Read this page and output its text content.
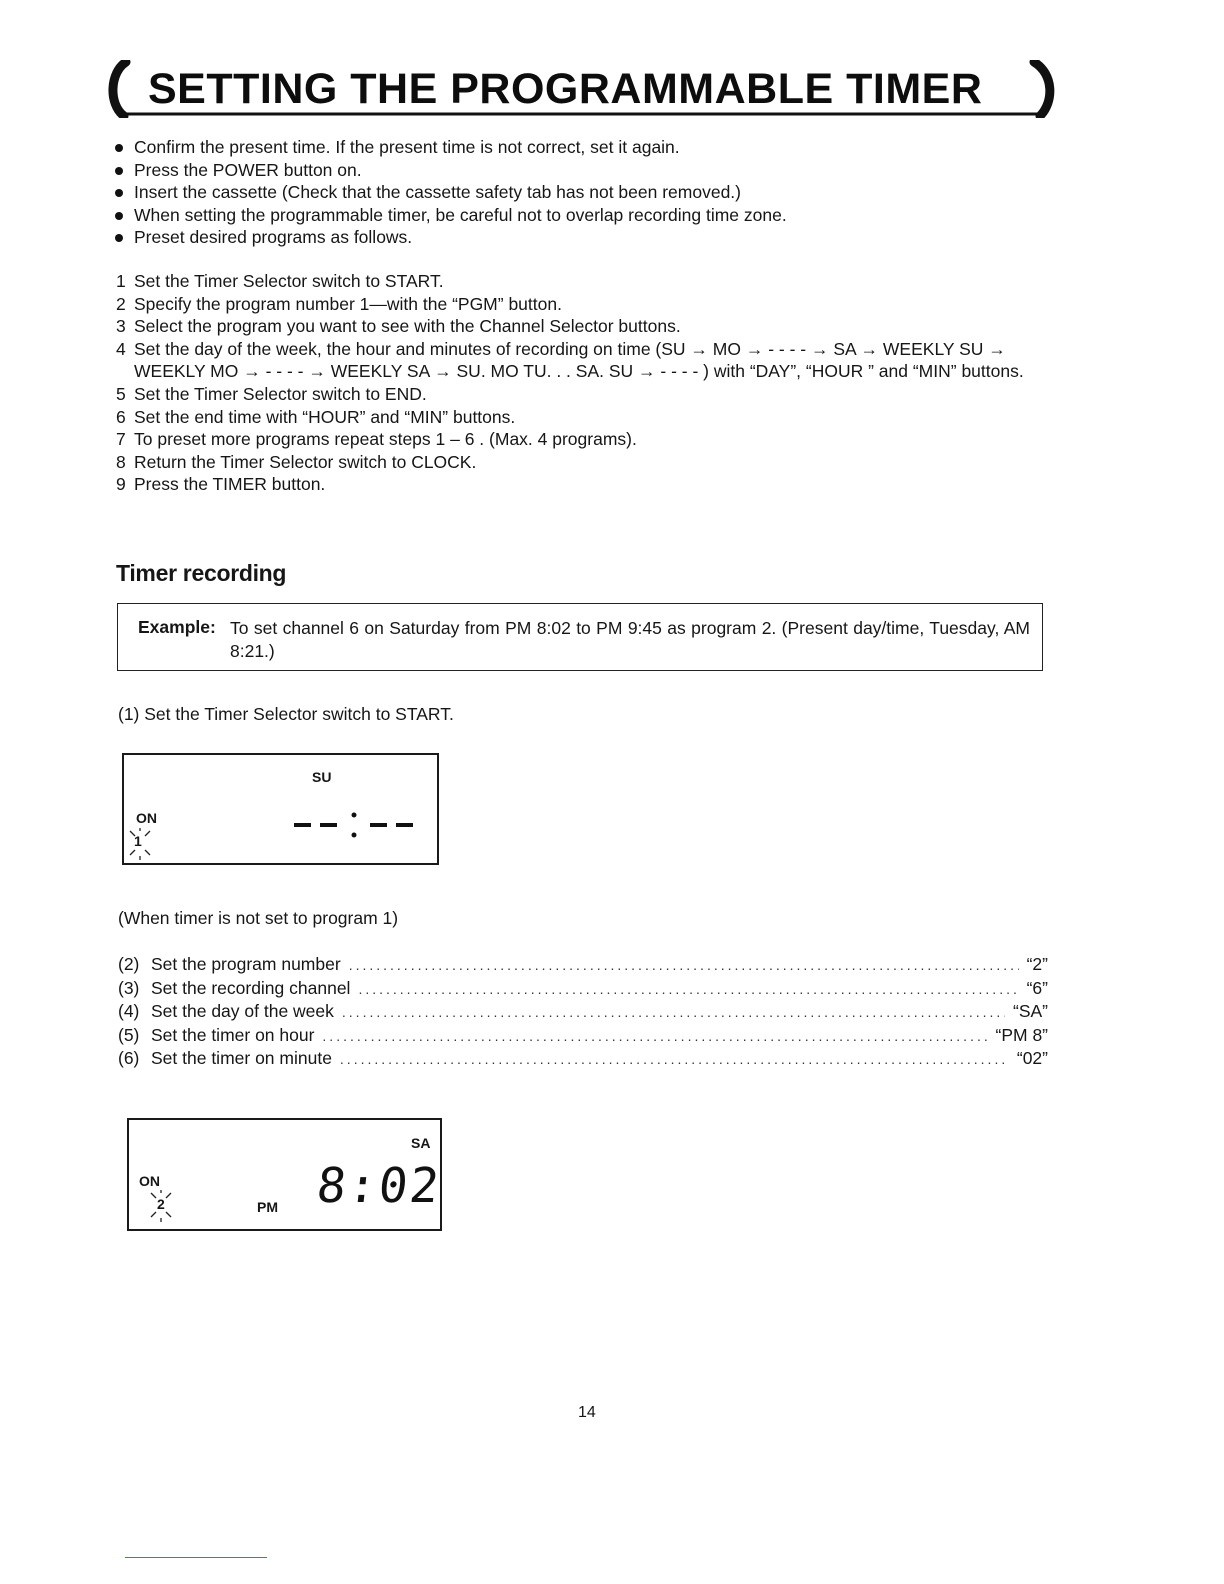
SETTING THE PROGRAMMABLE TIMER
Confirm the present time. If the present time is not correct, set it again.
Press the POWER button on.
Insert the cassette (Check that the cassette safety tab has not been removed.)
When setting the programmable timer, be careful not to overlap recording time zone.
Preset desired programs as follows.
1 Set the Timer Selector switch to START.
2 Specify the program number 1—with the “PGM” button.
3 Select the program you want to see with the Channel Selector buttons.
4 Set the day of the week, the hour and minutes of recording on time (SU → MO → - - - - → SA → WEEKLY SU → WEEKLY MO → - - - - → WEEKLY SA → SU. MO TU. . . SA. SU → - - - - ) with “DAY”, “HOUR ” and “MIN” buttons.
5 Set the Timer Selector switch to END.
6 Set the end time with “HOUR” and “MIN” buttons.
7 To preset more programs repeat steps 1 – 6 . (Max. 4 programs).
8 Return the Timer Selector switch to CLOCK.
9 Press the TIMER button.
Timer recording
Example: To set channel 6 on Saturday from PM 8:02 to PM 9:45 as program 2. (Present day/time, Tuesday, AM 8:21.)
(1) Set the Timer Selector switch to START.
SU
ON
1
(When timer is not set to program 1)
(2) Set the program number .....	“2”
(3) Set the recording channel .....	“6”
(4) Set the day of the week .....	“SA”
(5) Set the timer on hour .....	“PM 8”
(6) Set the timer on minute .....	“02”
SA
ON
2	PM 8:02
14
